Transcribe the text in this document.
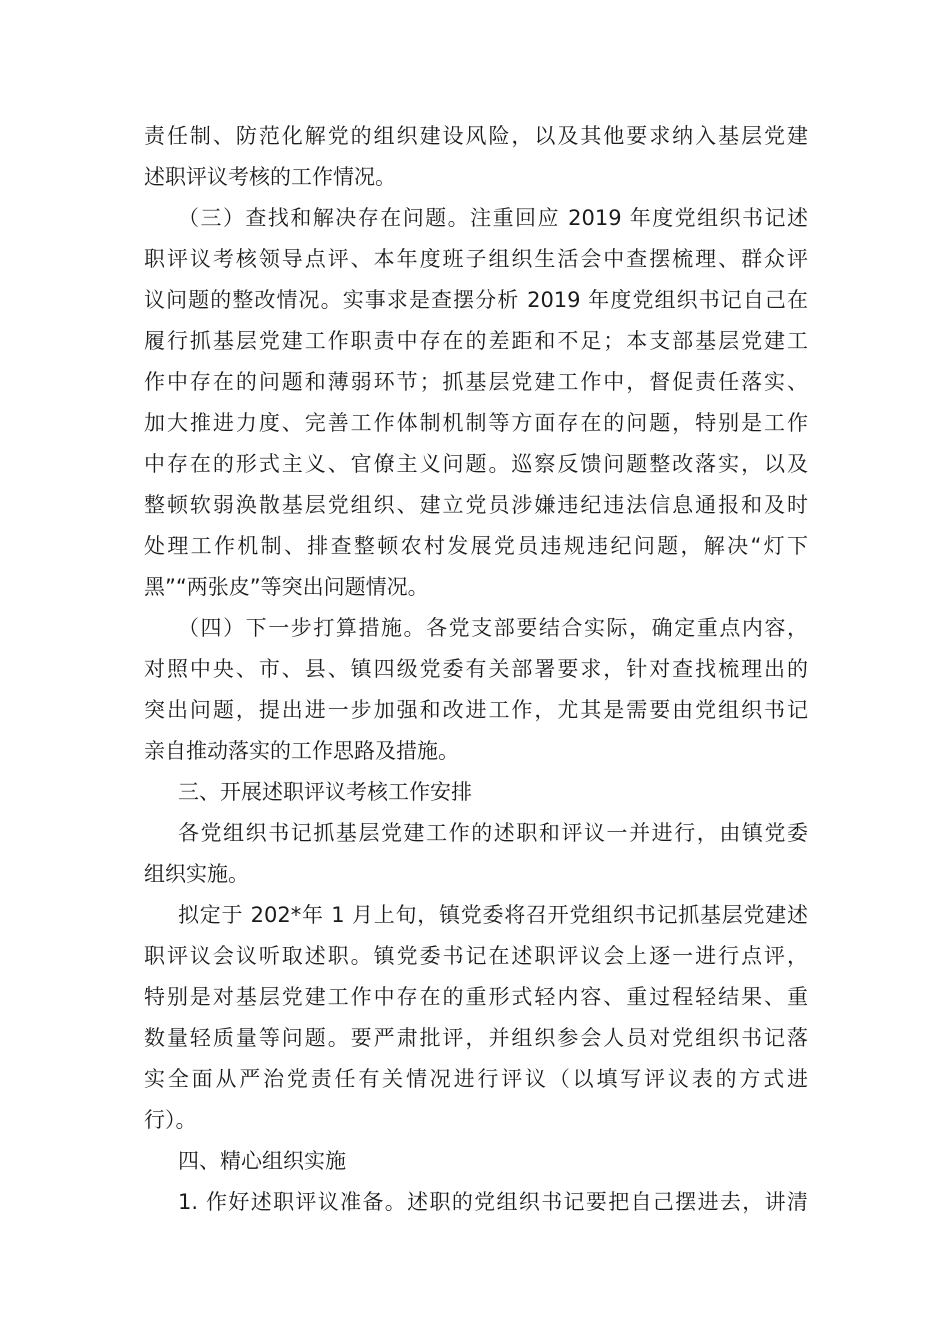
责任制、防范化解党的组织建设风险，以及其他要求纳入基层党建
述职评议考核的工作情况。
（三）查找和解决存在问题。注重回应 2019 年度党组织书记述
职评议考核领导点评、本年度班子组织生活会中查摆梳理、群众评
议问题的整改情况。实事求是查摆分析 2019 年度党组织书记自己在
履行抓基层党建工作职责中存在的差距和不足；本支部基层党建工
作中存在的问题和薄弱环节；抓基层党建工作中，督促责任落实、
加大推进力度、完善工作体制机制等方面存在的问题，特别是工作
中存在的形式主义、官僚主义问题。巡察反馈问题整改落实，以及
整顿软弱涣散基层党组织、建立党员涉嫌违纪违法信息通报和及时
处理工作机制、排查整顿农村发展党员违规违纪问题，解决“灯下
黑”“两张皮”等突出问题情况。
（四）下一步打算措施。各党支部要结合实际，确定重点内容，
对照中央、市、县、镇四级党委有关部署要求，针对查找梳理出的
突出问题，提出进一步加强和改进工作，尤其是需要由党组织书记
亲自推动落实的工作思路及措施。
三、开展述职评议考核工作安排
各党组织书记抓基层党建工作的述职和评议一并进行，由镇党委
组织实施。
拟定于 202*年 1 月上旬，镇党委将召开党组织书记抓基层党建述
职评议会议听取述职。镇党委书记在述职评议会上逐一进行点评，
特别是对基层党建工作中存在的重形式轻内容、重过程轻结果、重
数量轻质量等问题。要严肃批评，并组织参会人员对党组织书记落
实全面从严治党责任有关情况进行评议（以填写评议表的方式进
行）。
四、精心组织实施
1. 作好述职评议准备。述职的党组织书记要把自己摆进去，讲清
